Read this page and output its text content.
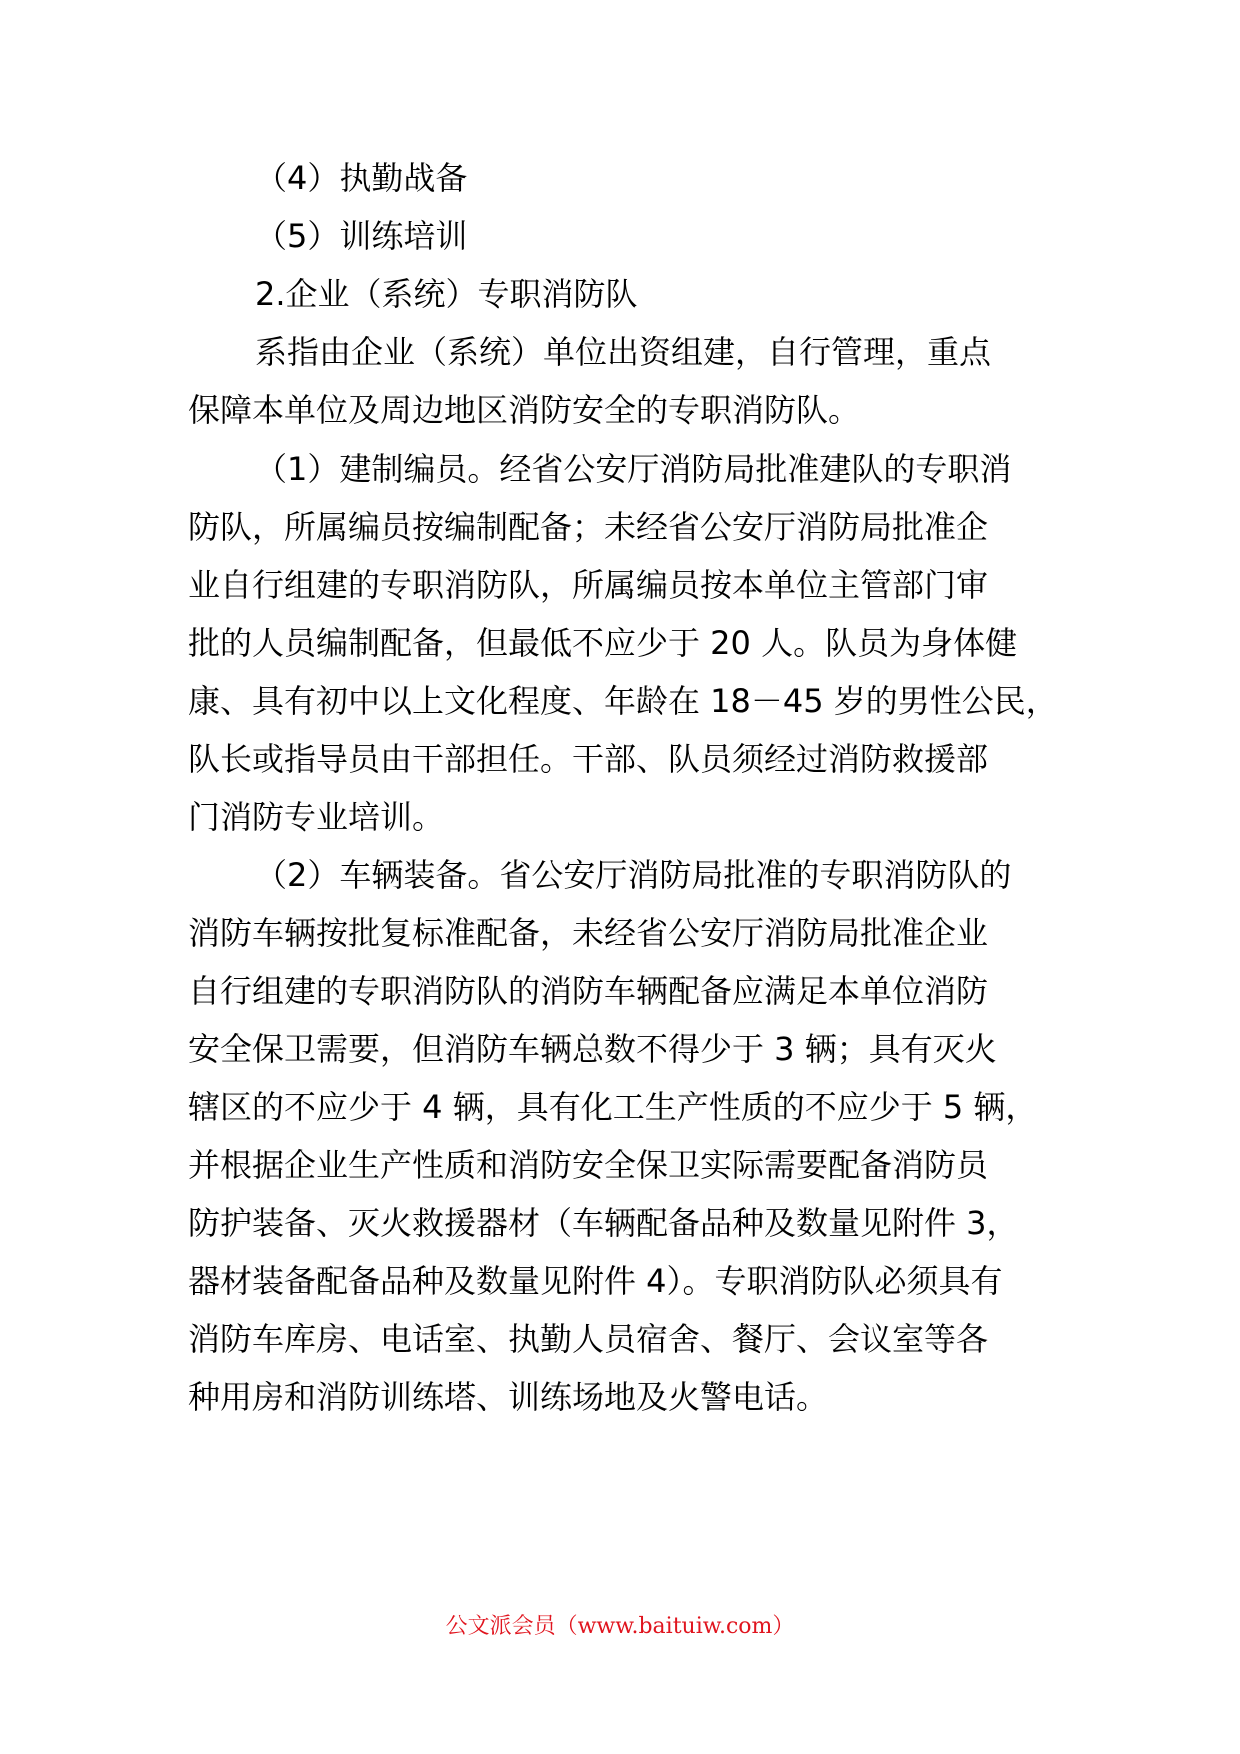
（4）执勤战备
（5）训练培训
2.企业（系统）专职消防队
系指由企业（系统）单位出资组建，自行管理，重点
保障本单位及周边地区消防安全的专职消防队。
（1）建制编员。经省公安厅消防局批准建队的专职消
防队，所属编员按编制配备；未经省公安厅消防局批准企
业自行组建的专职消防队，所属编员按本单位主管部门审
批的人员编制配备，但最低不应少于 20 人。队员为身体健
康、具有初中以上文化程度、年龄在 18－45 岁的男性公民，
队长或指导员由干部担任。干部、队员须经过消防救援部
门消防专业培训。
（2）车辆装备。省公安厅消防局批准的专职消防队的
消防车辆按批复标准配备，未经省公安厅消防局批准企业
自行组建的专职消防队的消防车辆配备应满足本单位消防
安全保卫需要，但消防车辆总数不得少于 3 辆；具有灭火
辖区的不应少于 4 辆，具有化工生产性质的不应少于 5 辆，
并根据企业生产性质和消防安全保卫实际需要配备消防员
防护装备、灭火救援器材（车辆配备品种及数量见附件 3，
器材装备配备品种及数量见附件 4）。专职消防队必须具有
消防车库房、电话室、执勤人员宿舍、餐厅、会议室等各
种用房和消防训练塔、训练场地及火警电话。
公文派会员（www.baituiw.com）
